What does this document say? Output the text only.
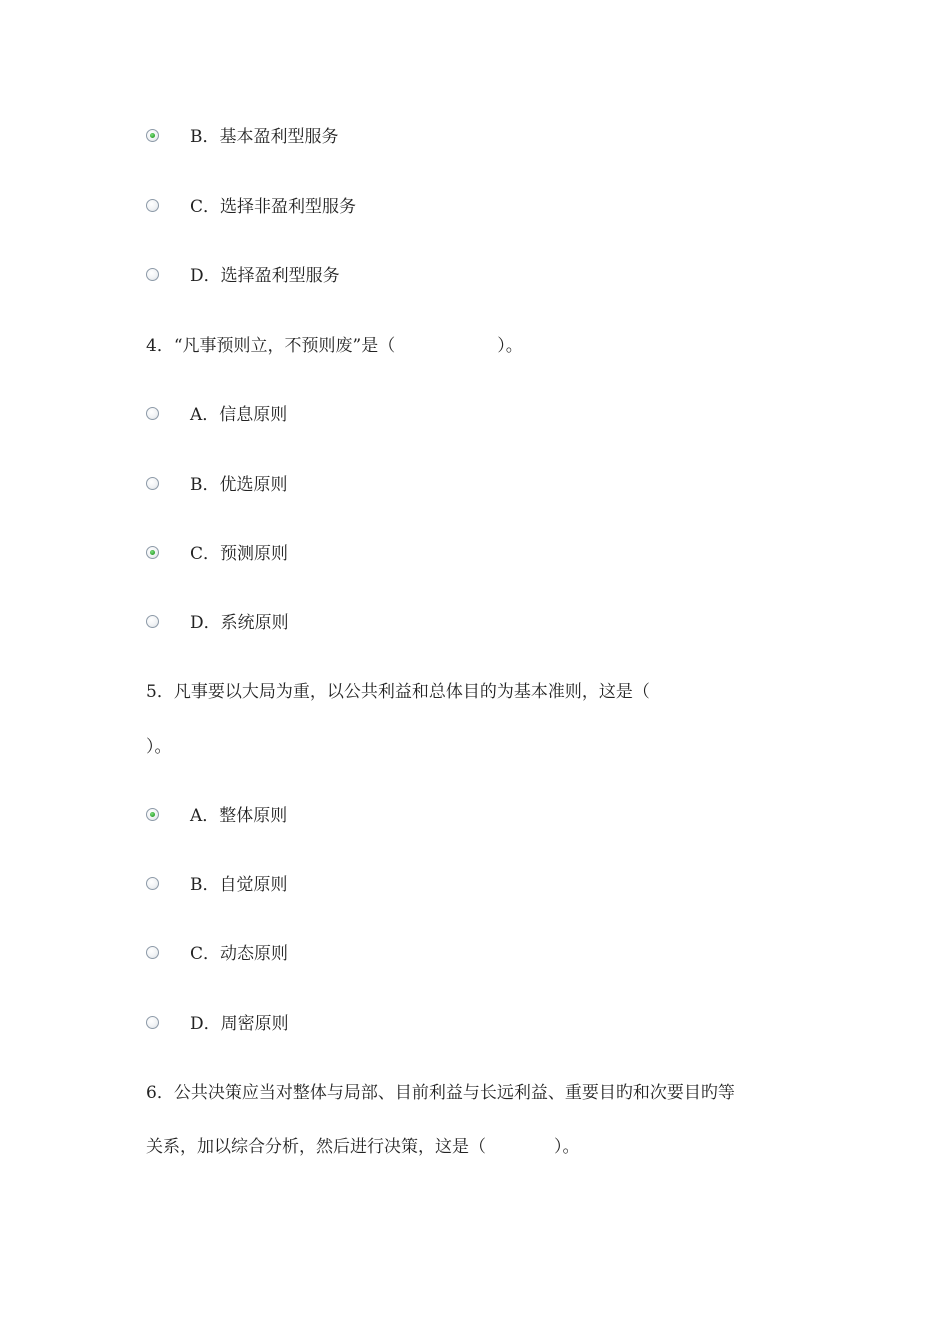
B．基本盈利型服务
C．选择非盈利型服务
D．选择盈利型服务
4．“凡事预则立，不预则废”是（　　　　　　）。
A．信息原则
B．优选原则
C．预测原则
D．系统原则
5．凡事要以大局为重，以公共利益和总体目的为基本准则，这是（
）。
A．整体原则
B．自觉原则
C．动态原则
D．周密原则
6．公共决策应当对整体与局部、目前利益与长远利益、重要目旳和次要目旳等
关系，加以综合分析，然后进行决策，这是（　　　　）。
